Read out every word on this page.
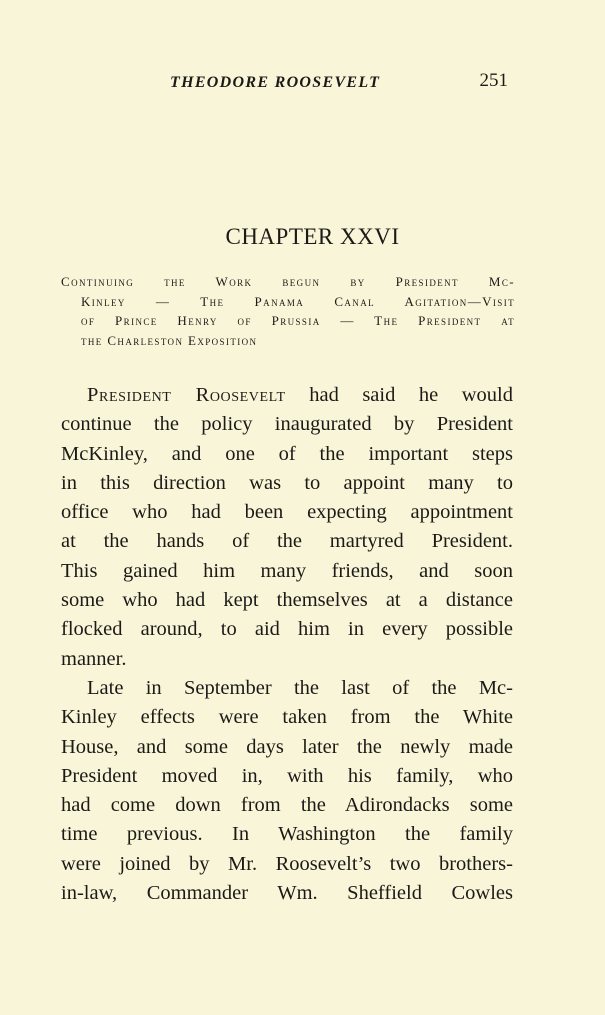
THEODORE ROOSEVELT	251
CHAPTER XXVI
Continuing the Work begun by President Mc-
Kinley — The Panama Canal Agitation—Visit
of Prince Henry of Prussia — The President at
the Charleston Exposition
President Roosevelt had said he would
continue the policy inaugurated by President
McKinley, and one of the important steps
in this direction was to appoint many to
office who had been expecting appointment
at the hands of the martyred President.
This gained him many friends, and soon
some who had kept themselves at a distance
flocked around, to aid him in every possible
manner.
Late in September the last of the Mc-
Kinley effects were taken from the White
House, and some days later the newly made
President moved in, with his family, who
had come down from the Adirondacks some
time previous. In Washington the family
were joined by Mr. Roosevelt’s two brothers-
in-law, Commander Wm. Sheffield Cowles
